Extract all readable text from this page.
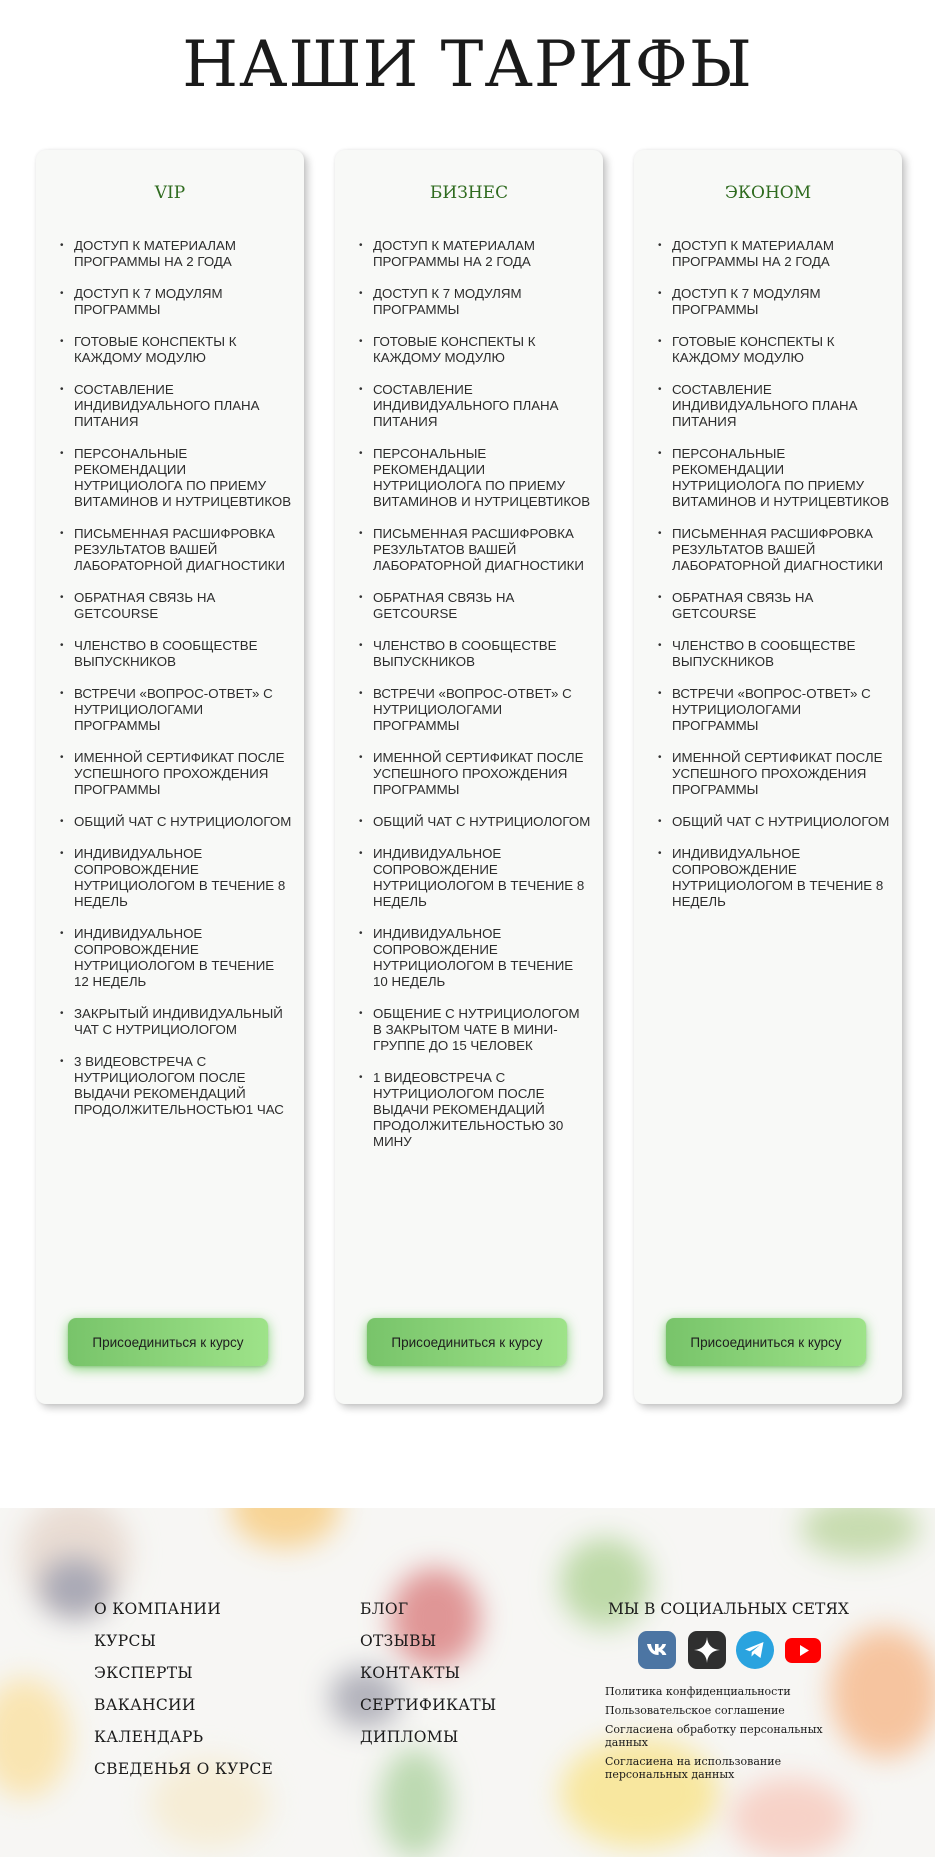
НАШИ ТАРИФЫ
VIP
• ДОСТУП К МАТЕРИАЛАМ ПРОГРАММЫ НА 2 ГОДА
• ДОСТУП К 7 МОДУЛЯМ ПРОГРАММЫ
• ГОТОВЫЕ КОНСПЕКТЫ К КАЖДОМУ МОДУЛЮ
• СОСТАВЛЕНИЕ ИНДИВИДУАЛЬНОГО ПЛАНА ПИТАНИЯ
• ПЕРСОНАЛЬНЫЕ РЕКОМЕНДАЦИИ НУТРИЦИОЛОГА ПО ПРИЕМУ ВИТАМИНОВ И НУТРИЦЕВТИКОВ
• ПИСЬМЕННАЯ РАСШИФРОВКА РЕЗУЛЬТАТОВ ВАШЕЙ ЛАБОРАТОРНОЙ ДИАГНОСТИКИ
• ОБРАТНАЯ СВЯЗЬ НА GETCOURSE
• ЧЛЕНСТВО В СООБЩЕСТВЕ ВЫПУСКНИКОВ
• ВСТРЕЧИ «ВОПРОС-ОТВЕТ» С НУТРИЦИОЛОГАМИ ПРОГРАММЫ
• ИМЕННОЙ СЕРТИФИКАТ ПОСЛЕ УСПЕШНОГО ПРОХОЖДЕНИЯ ПРОГРАММЫ
• ОБЩИЙ ЧАТ С НУТРИЦИОЛОГОМ
• ИНДИВИДУАЛЬНОЕ СОПРОВОЖДЕНИЕ НУТРИЦИОЛОГОМ В ТЕЧЕНИЕ 8 НЕДЕЛЬ
• ИНДИВИДУАЛЬНОЕ СОПРОВОЖДЕНИЕ НУТРИЦИОЛОГОМ В ТЕЧЕНИЕ 12 НЕДЕЛЬ
• ЗАКРЫТЫЙ ИНДИВИДУАЛЬНЫЙ ЧАТ С НУТРИЦИОЛОГОМ
• 3 ВИДЕОВСТРЕЧА С НУТРИЦИОЛОГОМ ПОСЛЕ ВЫДАЧИ РЕКОМЕНДАЦИЙ ПРОДОЛЖИТЕЛЬНОСТЬЮ1 ЧАС
Присоединиться к курсу
БИЗНЕС
• ДОСТУП К МАТЕРИАЛАМ ПРОГРАММЫ НА 2 ГОДА
• ДОСТУП К 7 МОДУЛЯМ ПРОГРАММЫ
• ГОТОВЫЕ КОНСПЕКТЫ К КАЖДОМУ МОДУЛЮ
• СОСТАВЛЕНИЕ ИНДИВИДУАЛЬНОГО ПЛАНА ПИТАНИЯ
• ПЕРСОНАЛЬНЫЕ РЕКОМЕНДАЦИИ НУТРИЦИОЛОГА ПО ПРИЕМУ ВИТАМИНОВ И НУТРИЦЕВТИКОВ
• ПИСЬМЕННАЯ РАСШИФРОВКА РЕЗУЛЬТАТОВ ВАШЕЙ ЛАБОРАТОРНОЙ ДИАГНОСТИКИ
• ОБРАТНАЯ СВЯЗЬ НА GETCOURSE
• ЧЛЕНСТВО В СООБЩЕСТВЕ ВЫПУСКНИКОВ
• ВСТРЕЧИ «ВОПРОС-ОТВЕТ» С НУТРИЦИОЛОГАМИ ПРОГРАММЫ
• ИМЕННОЙ СЕРТИФИКАТ ПОСЛЕ УСПЕШНОГО ПРОХОЖДЕНИЯ ПРОГРАММЫ
• ОБЩИЙ ЧАТ С НУТРИЦИОЛОГОМ
• ИНДИВИДУАЛЬНОЕ СОПРОВОЖДЕНИЕ НУТРИЦИОЛОГОМ В ТЕЧЕНИЕ 8 НЕДЕЛЬ
• ИНДИВИДУАЛЬНОЕ СОПРОВОЖДЕНИЕ НУТРИЦИОЛОГОМ В ТЕЧЕНИЕ 10 НЕДЕЛЬ
• ОБЩЕНИЕ С НУТРИЦИОЛОГОМ В ЗАКРЫТОМ ЧАТЕ В МИНИ-ГРУППЕ ДО 15 ЧЕЛОВЕК
• 1 ВИДЕОВСТРЕЧА С НУТРИЦИОЛОГОМ ПОСЛЕ ВЫДАЧИ РЕКОМЕНДАЦИЙ ПРОДОЛЖИТЕЛЬНОСТЬЮ 30 МИНУ
Присоединиться к курсу
ЭКОНОМ
• ДОСТУП К МАТЕРИАЛАМ ПРОГРАММЫ НА 2 ГОДА
• ДОСТУП К 7 МОДУЛЯМ ПРОГРАММЫ
• ГОТОВЫЕ КОНСПЕКТЫ К КАЖДОМУ МОДУЛЮ
• СОСТАВЛЕНИЕ ИНДИВИДУАЛЬНОГО ПЛАНА ПИТАНИЯ
• ПЕРСОНАЛЬНЫЕ РЕКОМЕНДАЦИИ НУТРИЦИОЛОГА ПО ПРИЕМУ ВИТАМИНОВ И НУТРИЦЕВТИКОВ
• ПИСЬМЕННАЯ РАСШИФРОВКА РЕЗУЛЬТАТОВ ВАШЕЙ ЛАБОРАТОРНОЙ ДИАГНОСТИКИ
• ОБРАТНАЯ СВЯЗЬ НА GETCOURSE
• ЧЛЕНСТВО В СООБЩЕСТВЕ ВЫПУСКНИКОВ
• ВСТРЕЧИ «ВОПРОС-ОТВЕТ» С НУТРИЦИОЛОГАМИ ПРОГРАММЫ
• ИМЕННОЙ СЕРТИФИКАТ ПОСЛЕ УСПЕШНОГО ПРОХОЖДЕНИЯ ПРОГРАММЫ
• ОБЩИЙ ЧАТ С НУТРИЦИОЛОГОМ
• ИНДИВИДУАЛЬНОЕ СОПРОВОЖДЕНИЕ НУТРИЦИОЛОГОМ В ТЕЧЕНИЕ 8 НЕДЕЛЬ
Присоединиться к курсу
О КОМПАНИИ
КУРСЫ
ЭКСПЕРТЫ
ВАКАНСИИ
КАЛЕНДАРЬ
СВЕДЕНЬЯ О КУРСЕ
БЛОГ
ОТЗЫВЫ
КОНТАКТЫ
СЕРТИФИКАТЫ
ДИПЛОМЫ
МЫ В СОЦИАЛЬНЫХ СЕТЯХ
Политика конфиденциальности
Пользовательское соглашение
Согласиена обработку персональных данных
Согласиена на использование персональных данных
